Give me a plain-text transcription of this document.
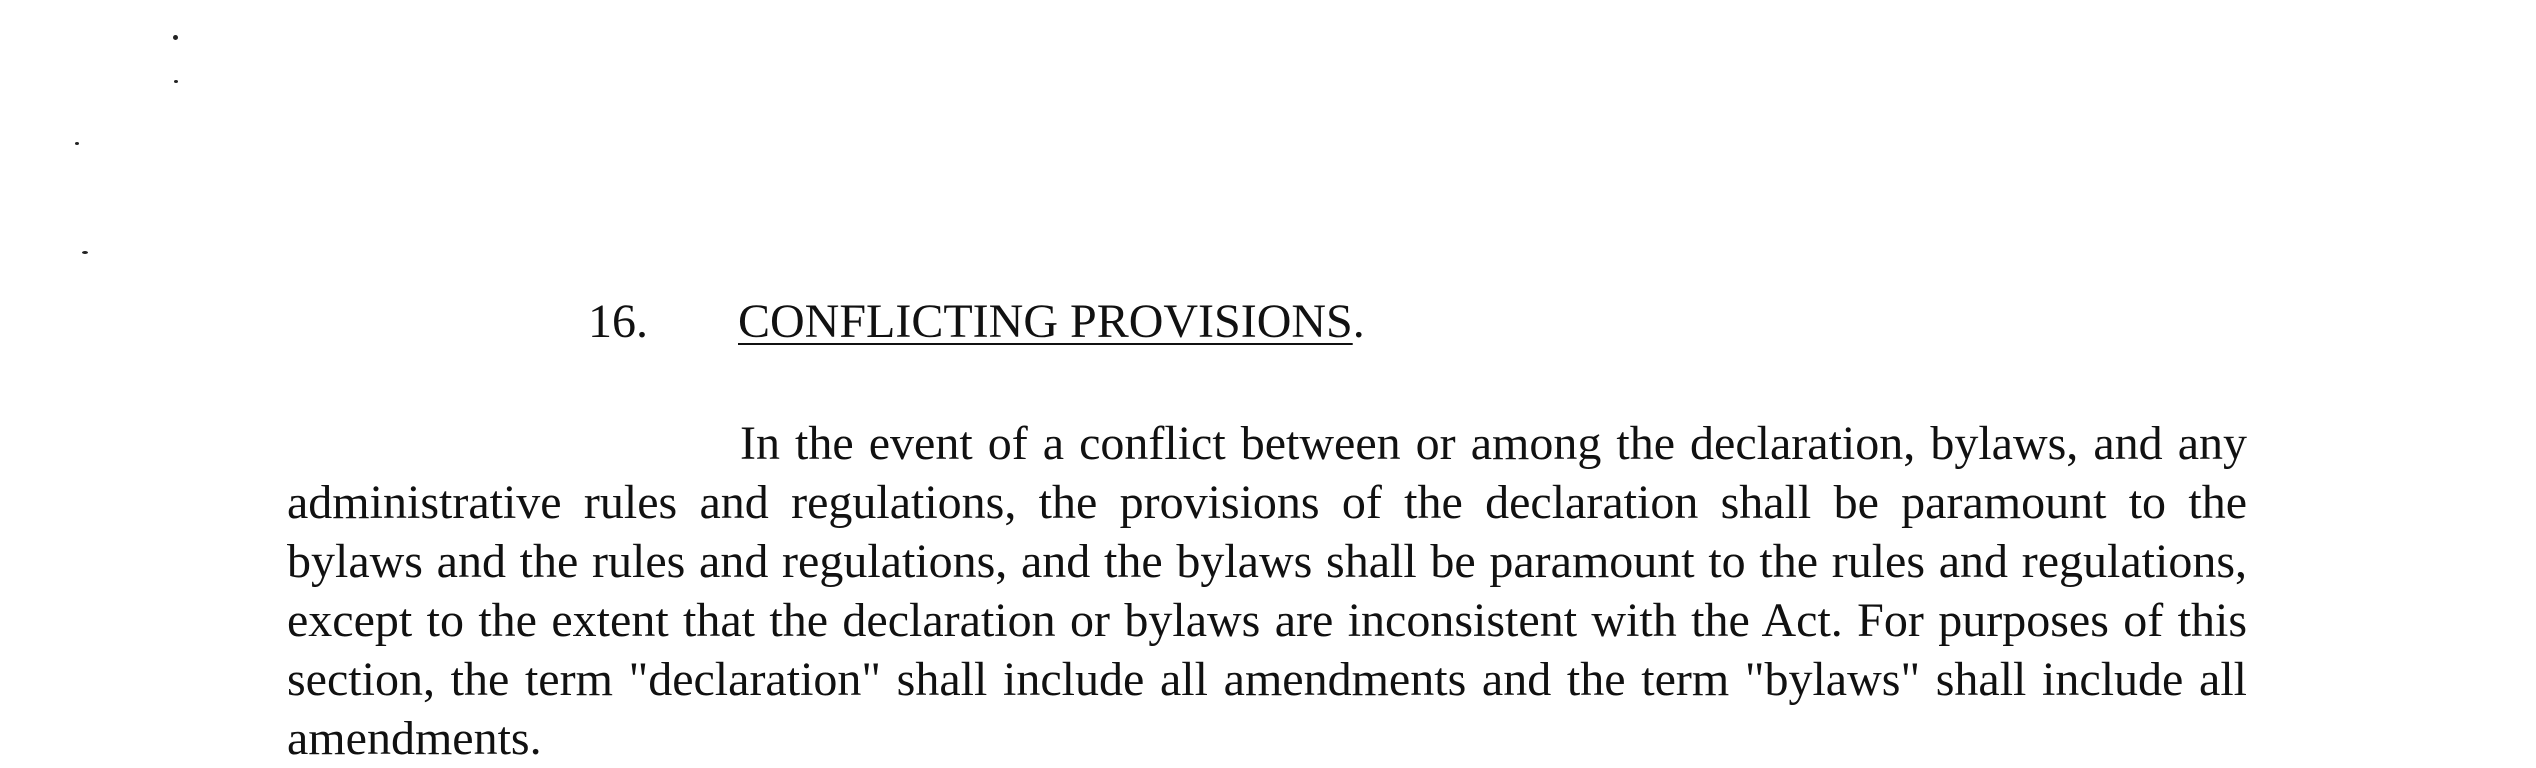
16. CONFLICTING PROVISIONS.

In the event of a conflict between or among the declaration, bylaws, and any administrative rules and regulations, the provisions of the declaration shall be paramount to the bylaws and the rules and regulations, and the bylaws shall be paramount to the rules and regulations, except to the extent that the declaration or bylaws are inconsistent with the Act. For purposes of this section, the term "declaration" shall include all amendments and the term "bylaws" shall include all amendments.
